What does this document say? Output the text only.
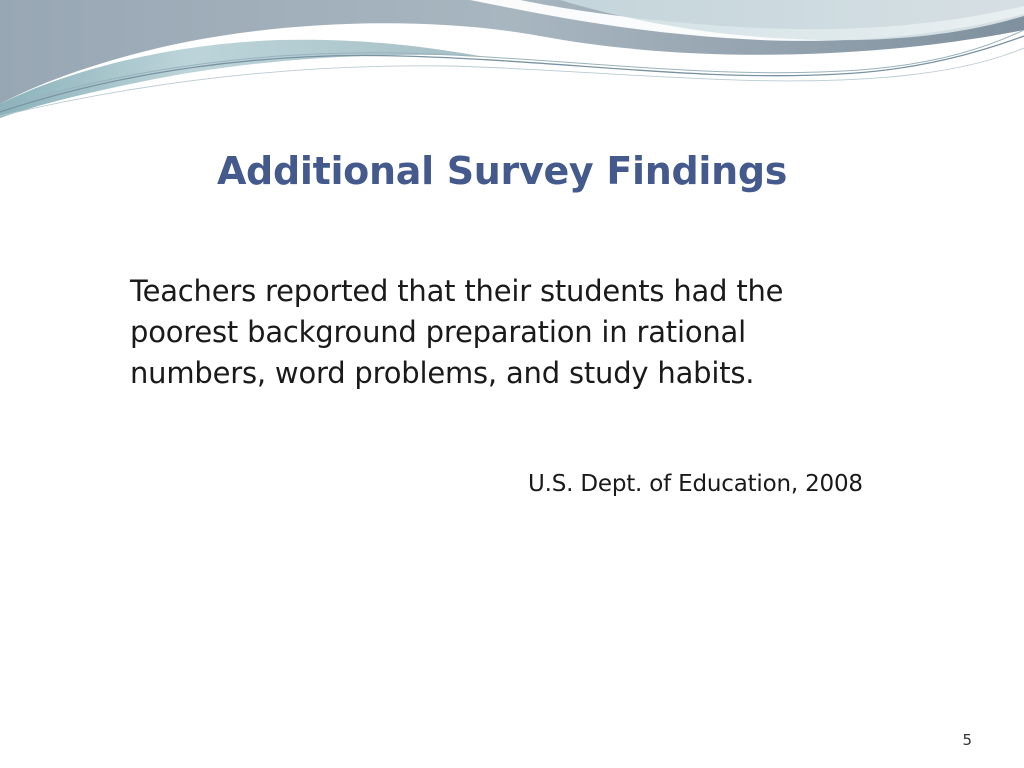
Additional Survey Findings
Teachers reported that their students had the poorest background preparation in rational numbers, word problems, and study habits.
U.S. Dept. of Education, 2008
5
